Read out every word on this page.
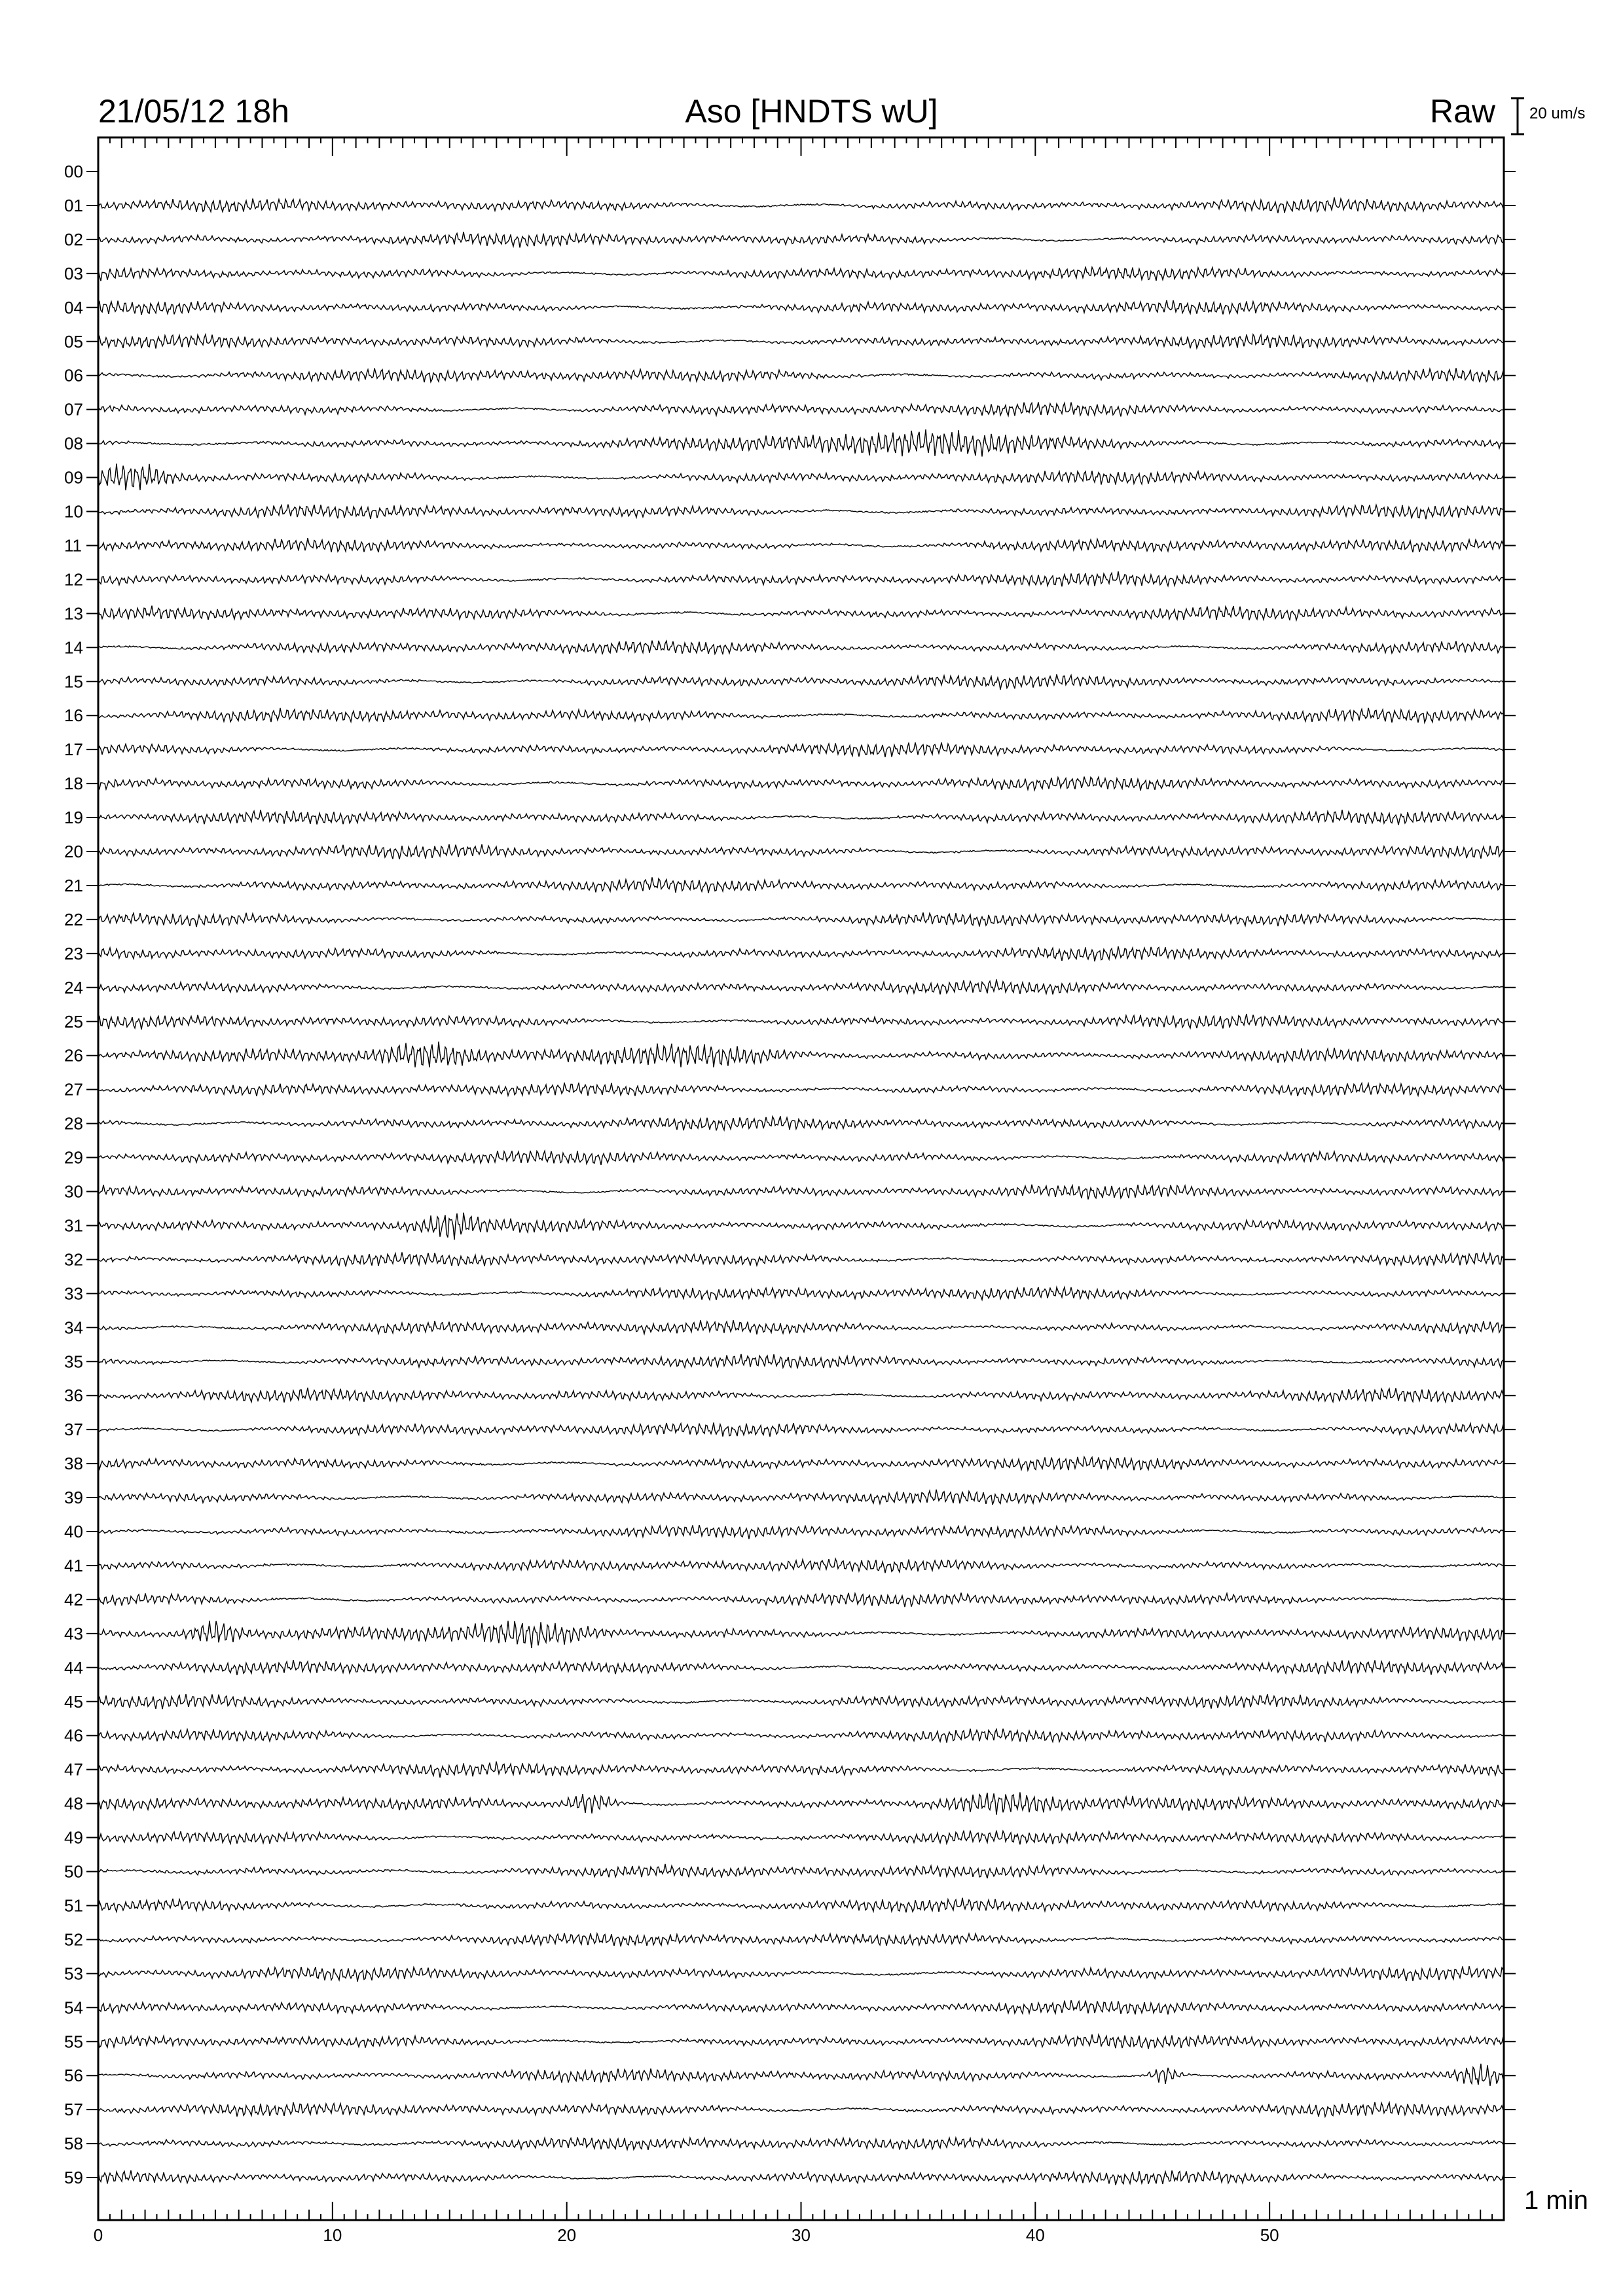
21/05/12 18h	Aso [HNDTS wU]	Raw 20 um/s
1 min
00
01
02
03
04
05
06
07
08
09
10
11
12
13
14
15
16
17
18
19
20
21
22
23
24
25
26
27
28
29
30
31
32
33
34
35
36
37
38
39
40
41
42
43
44
45
46
47
48
49
50
51
52
53
54
55
56
57
58
59
0	10	20	30	40	50
